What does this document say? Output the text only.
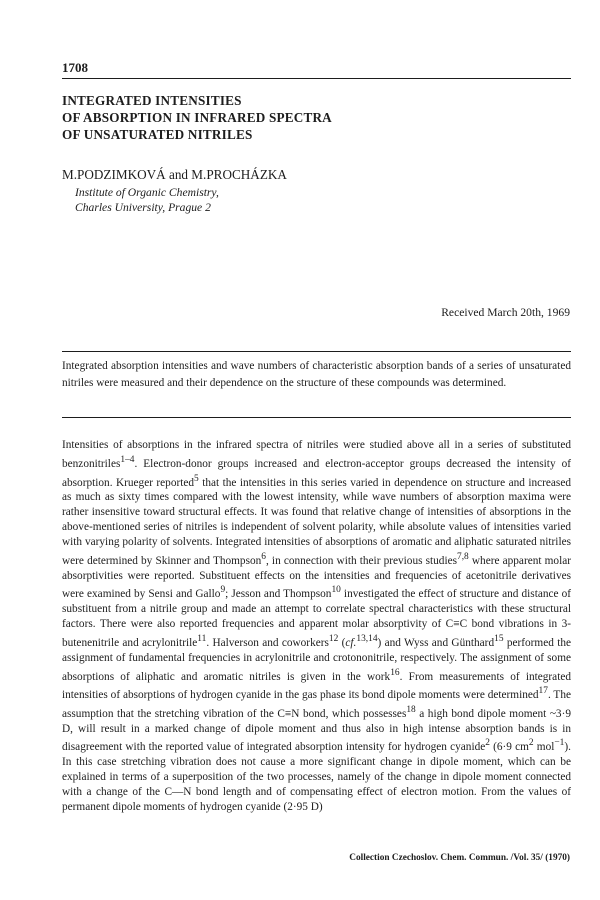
1708
INTEGRATED INTENSITIES
OF ABSORPTION IN INFRARED SPECTRA
OF UNSATURATED NITRILES
M.PODZIMKOVÁ and M.PROCHÁZKA
Institute of Organic Chemistry,
Charles University, Prague 2
Received March 20th, 1969
Integrated absorption intensities and wave numbers of characteristic absorption bands of a series of unsaturated nitriles were measured and their dependence on the structure of these compounds was determined.

Intensities of absorptions in the infrared spectra of nitriles were studied above all in a series of substituted benzonitriles$^{1-4}$. Electron-donor groups increased and electron-acceptor groups decreased the intensity of absorption. Krueger reported$^5$ that the intensities in this series varied in dependence on structure and increased as much as sixty times compared with the lowest intensity, while wave numbers of absorption maxima were rather insensitive toward structural effects. It was found that relative change of intensities of absorptions in the above-mentioned series of nitriles is independent of solvent polarity, while absolute values of intensities varied with varying polarity of solvents. Integrated intensities of absorptions of aromatic and aliphatic saturated nitriles were determined by Skinner and Thompson$^6$, in connection with their previous studies$^{7,8}$ where apparent molar absorptivities were reported. Substituent effects on the intensities and frequencies of acetonitrile derivatives were examined by Sensi and Gallo$^9$; Jesson and Thompson$^{10}$ investigated the effect of structure and distance of substituent from a nitrile group and made an attempt to correlate spectral characteristics with these structural factors. There were also reported frequencies and apparent molar absorptivity of C≡C bond vibrations in 3-butenenitrile and acrylonitrile$^{11}$. Halverson and coworkers$^{12}$ (cf.$^{13,14}$) and Wyss and Günthard$^{15}$ performed the assignment of fundamental frequencies in acrylonitrile and crotononitrile, respectively. The assignment of some absorptions of aliphatic and aromatic nitriles is given in the work$^{16}$. From measurements of integrated intensities of absorptions of hydrogen cyanide in the gas phase its bond dipole moments were determined$^{17}$. The assumption that the stretching vibration of the C≡N bond, which possesses$^{18}$ a high bond dipole moment ~3·9 D, will result in a marked change of dipole moment and thus also in high intense absorption bands is in disagreement with the reported value of integrated absorption intensity for hydrogen cyanide$^2$ (6·9 $cm^2$ mol$^{-1}$). In this case stretching vibration does not cause a more significant change in dipole moment, which can be explained in terms of a superposition of the two processes, namely of the change in dipole moment connected with a change of the C—N bond length and of compensating effect of electron motion. From the values of permanent dipole moments of hydrogen cyanide (2·95 D)

Collection Czechoslov. Chem. Commun. /Vol. 35/ (1970)
